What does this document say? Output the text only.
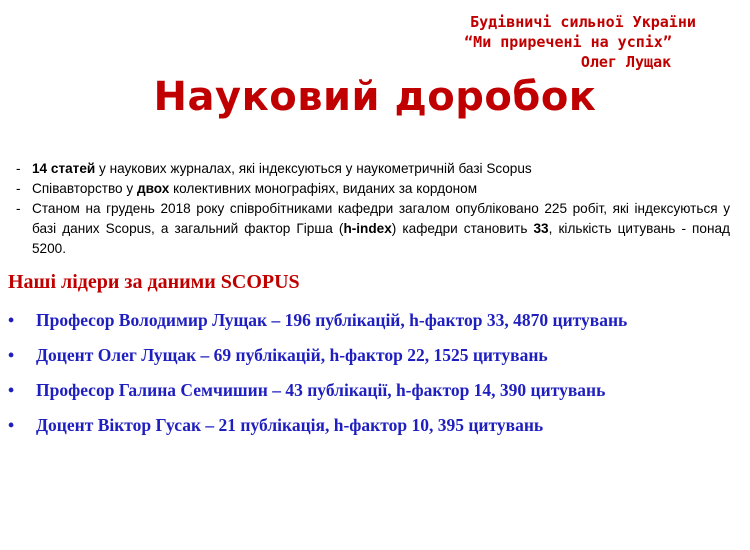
Будівничі сильної України
“Ми приречені на успіх”
Олег Лущак
Науковий доробок
- 14 статей у наукових журналах, які індексуються у наукометричній базі Scopus
- Співавторство у двох колективних монографіях, виданих за кордоном
- Станом на грудень 2018 року співробітниками кафедри загалом опубліковано 225 робіт, які індексуються у базі даних Scopus, а загальний фактор Гірша (h-index) кафедри становить 33, кількість цитувань - понад 5200.
Наші лідери за даними SCOPUS
• Професор Володимир Лущак – 196 публікацій, h-фактор 33, 4870 цитувань
• Доцент Олег Лущак – 69 публікацій, h-фактор 22, 1525 цитувань
• Професор Галина Семчишин – 43 публікації, h-фактор 14, 390 цитувань
• Доцент Віктор Гусак – 21 публікація, h-фактор 10, 395 цитувань
